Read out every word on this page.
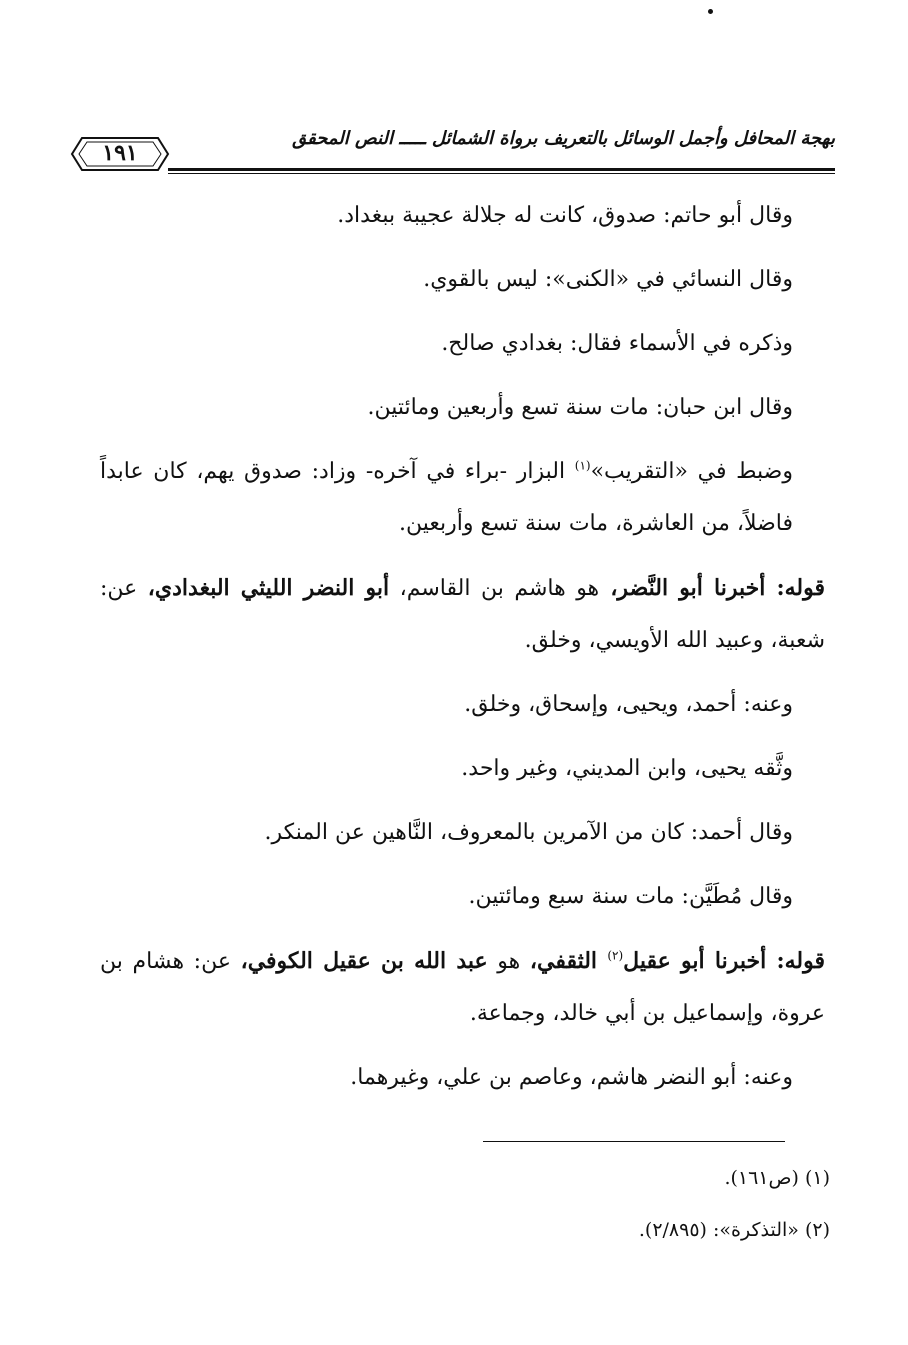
بهجة المحافل وأجمل الوسائل بالتعريف برواة الشمائل ـــــ النص المحقق
١٩١

وقال أبو حاتم: صدوق، كانت له جلالة عجيبة ببغداد.

وقال النسائي في «الكنى»: ليس بالقوي.

وذكره في الأسماء فقال: بغدادي صالح.

وقال ابن حبان: مات سنة تسع وأربعين ومائتين.

وضبط في «التقريب»$^{(١)}$ البزار -براء في آخره- وزاد: صدوق يهم، كان عابداً فاضلاً، من العاشرة، مات سنة تسع وأربعين.

قوله: أخبرنا أبو النَّضر، هو هاشم بن القاسم، أبو النضر الليثي البغدادي، عن: شعبة، وعبيد الله الأويسي، وخلق.

وعنه: أحمد، ويحيى، وإسحاق، وخلق.

وثَّقه يحيى، وابن المديني، وغير واحد.

وقال أحمد: كان من الآمرين بالمعروف، النَّاهين عن المنكر.

وقال مُطَيَّن: مات سنة سبع ومائتين.

قوله: أخبرنا أبو عقيل$^{(٢)}$ الثقفي، هو عبد الله بن عقيل الكوفي، عن: هشام بن عروة، وإسماعيل بن أبي خالد، وجماعة.

وعنه: أبو النضر هاشم، وعاصم بن علي، وغيرهما.

(١) (ص١٦١).

(٢) «التذكرة»: (٢/٨٩٥).
